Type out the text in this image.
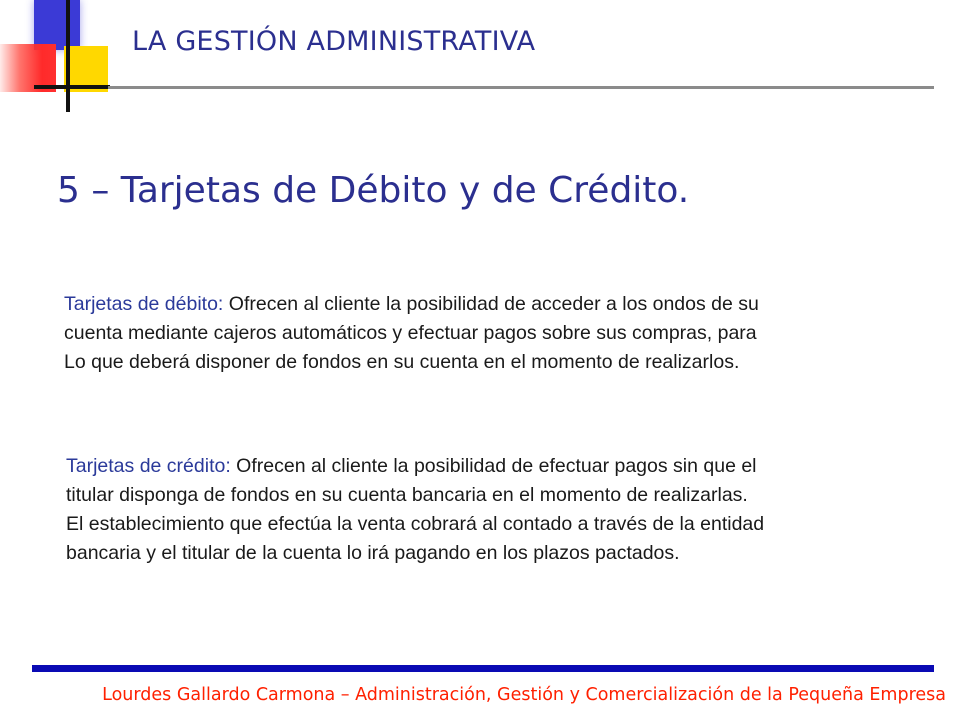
LA GESTIÓN ADMINISTRATIVA
5 – Tarjetas de Débito y de Crédito.

Tarjetas de débito: Ofrecen al cliente la posibilidad de acceder a los ondos de su
cuenta mediante cajeros automáticos y efectuar pagos sobre sus compras, para
Lo que deberá disponer de fondos en su cuenta en el momento de realizarlos.

Tarjetas de crédito: Ofrecen al cliente la posibilidad de efectuar pagos sin que el
titular disponga de fondos en su cuenta bancaria en el momento de realizarlas.
El establecimiento que efectúa la venta cobrará al contado a través de la entidad
bancaria y el titular de la cuenta lo irá pagando en los plazos pactados.

Lourdes Gallardo Carmona – Administración, Gestión y Comercialización de la Pequeña Empresa
